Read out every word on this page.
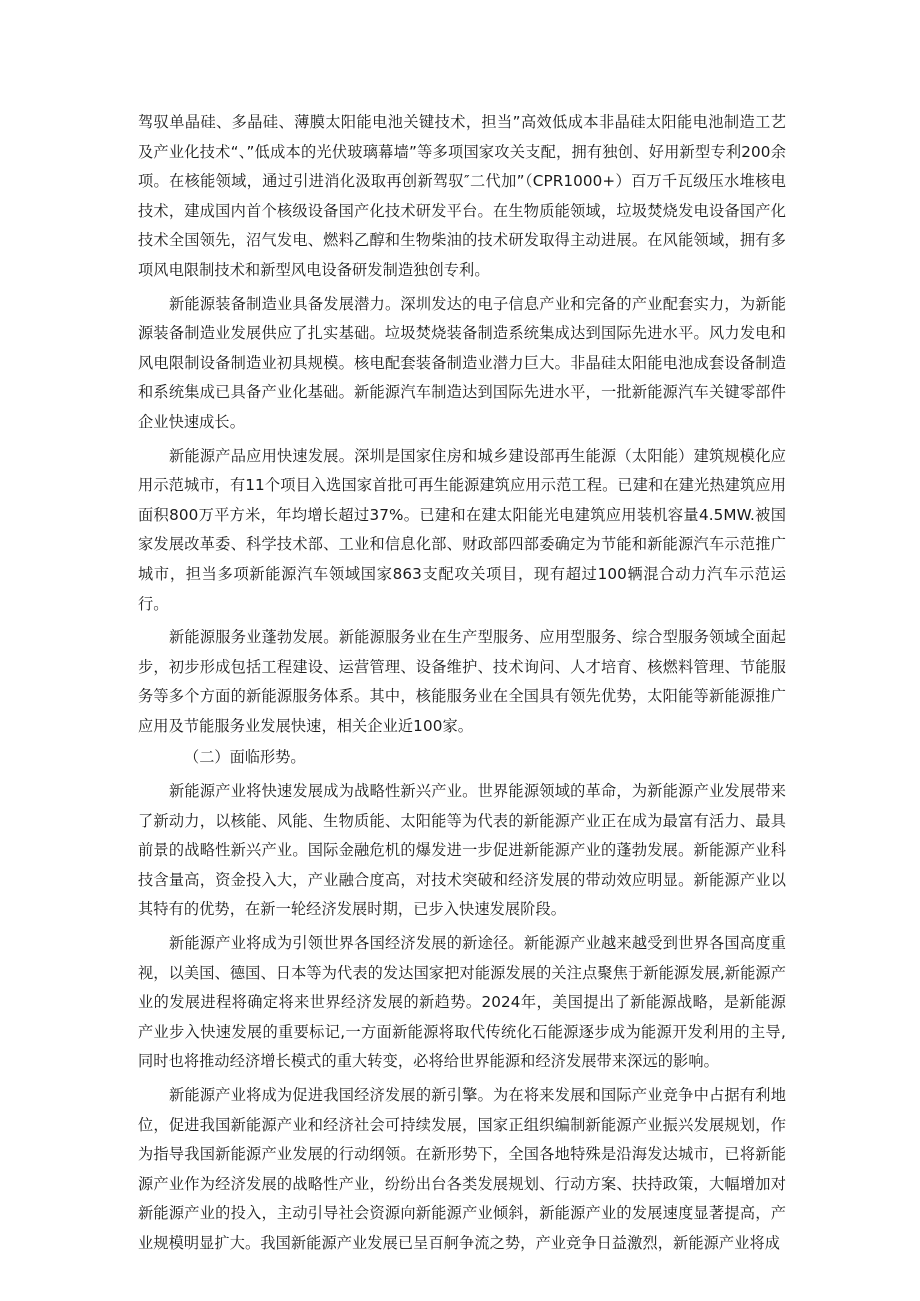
驾驭单晶硅、多晶硅、薄膜太阳能电池关键技术，担当”高效低成本非晶硅太阳能电池制造工艺及产业化技术“、”低成本的光伏玻璃幕墙”等多项国家攻关支配，拥有独创、好用新型专利200余项。在核能领域，通过引进消化汲取再创新驾驭″二代加”（CPR1000+）百万千瓦级压水堆核电技术，建成国内首个核级设备国产化技术研发平台。在生物质能领域，垃圾焚烧发电设备国产化技术全国领先，沼气发电、燃料乙醇和生物柴油的技术研发取得主动进展。在风能领域，拥有多项风电限制技术和新型风电设备研发制造独创专利。

新能源装备制造业具备发展潜力。深圳发达的电子信息产业和完备的产业配套实力，为新能源装备制造业发展供应了扎实基础。垃圾焚烧装备制造系统集成达到国际先进水平。风力发电和风电限制设备制造业初具规模。核电配套装备制造业潜力巨大。非晶硅太阳能电池成套设备制造和系统集成已具备产业化基础。新能源汽车制造达到国际先进水平，一批新能源汽车关键零部件企业快速成长。

新能源产品应用快速发展。深圳是国家住房和城乡建设部再生能源（太阳能）建筑规模化应用示范城市，有11个项目入选国家首批可再生能源建筑应用示范工程。已建和在建光热建筑应用面积800万平方米，年均增长超过37%。已建和在建太阳能光电建筑应用装机容量4.5MW.被国家发展改革委、科学技术部、工业和信息化部、财政部四部委确定为节能和新能源汽车示范推广城市，担当多项新能源汽车领域国家863支配攻关项目，现有超过100辆混合动力汽车示范运行。

新能源服务业蓬勃发展。新能源服务业在生产型服务、应用型服务、综合型服务领域全面起步，初步形成包括工程建设、运营管理、设备维护、技术询问、人才培育、核燃料管理、节能服务等多个方面的新能源服务体系。其中，核能服务业在全国具有领先优势，太阳能等新能源推广应用及节能服务业发展快速，相关企业近100家。

（二）面临形势。

新能源产业将快速发展成为战略性新兴产业。世界能源领域的革命，为新能源产业发展带来了新动力，以核能、风能、生物质能、太阳能等为代表的新能源产业正在成为最富有活力、最具前景的战略性新兴产业。国际金融危机的爆发进一步促进新能源产业的蓬勃发展。新能源产业科技含量高，资金投入大，产业融合度高，对技术突破和经济发展的带动效应明显。新能源产业以其特有的优势，在新一轮经济发展时期，已步入快速发展阶段。

新能源产业将成为引领世界各国经济发展的新途径。新能源产业越来越受到世界各国高度重视，以美国、德国、日本等为代表的发达国家把对能源发展的关注点聚焦于新能源发展,新能源产业的发展进程将确定将来世界经济发展的新趋势。2024年，美国提出了新能源战略，是新能源产业步入快速发展的重要标记,一方面新能源将取代传统化石能源逐步成为能源开发利用的主导,同时也将推动经济增长模式的重大转变，必将给世界能源和经济发展带来深远的影响。

新能源产业将成为促进我国经济发展的新引擎。为在将来发展和国际产业竞争中占据有利地位，促进我国新能源产业和经济社会可持续发展，国家正组织编制新能源产业振兴发展规划，作为指导我国新能源产业发展的行动纲领。在新形势下，全国各地特殊是沿海发达城市，已将新能源产业作为经济发展的战略性产业，纷纷出台各类发展规划、行动方案、扶持政策，大幅增加对新能源产业的投入，主动引导社会资源向新能源产业倾斜，新能源产业的发展速度显著提高，产业规模明显扩大。我国新能源产业发展已呈百舸争流之势，产业竞争日益激烈，新能源产业将成
